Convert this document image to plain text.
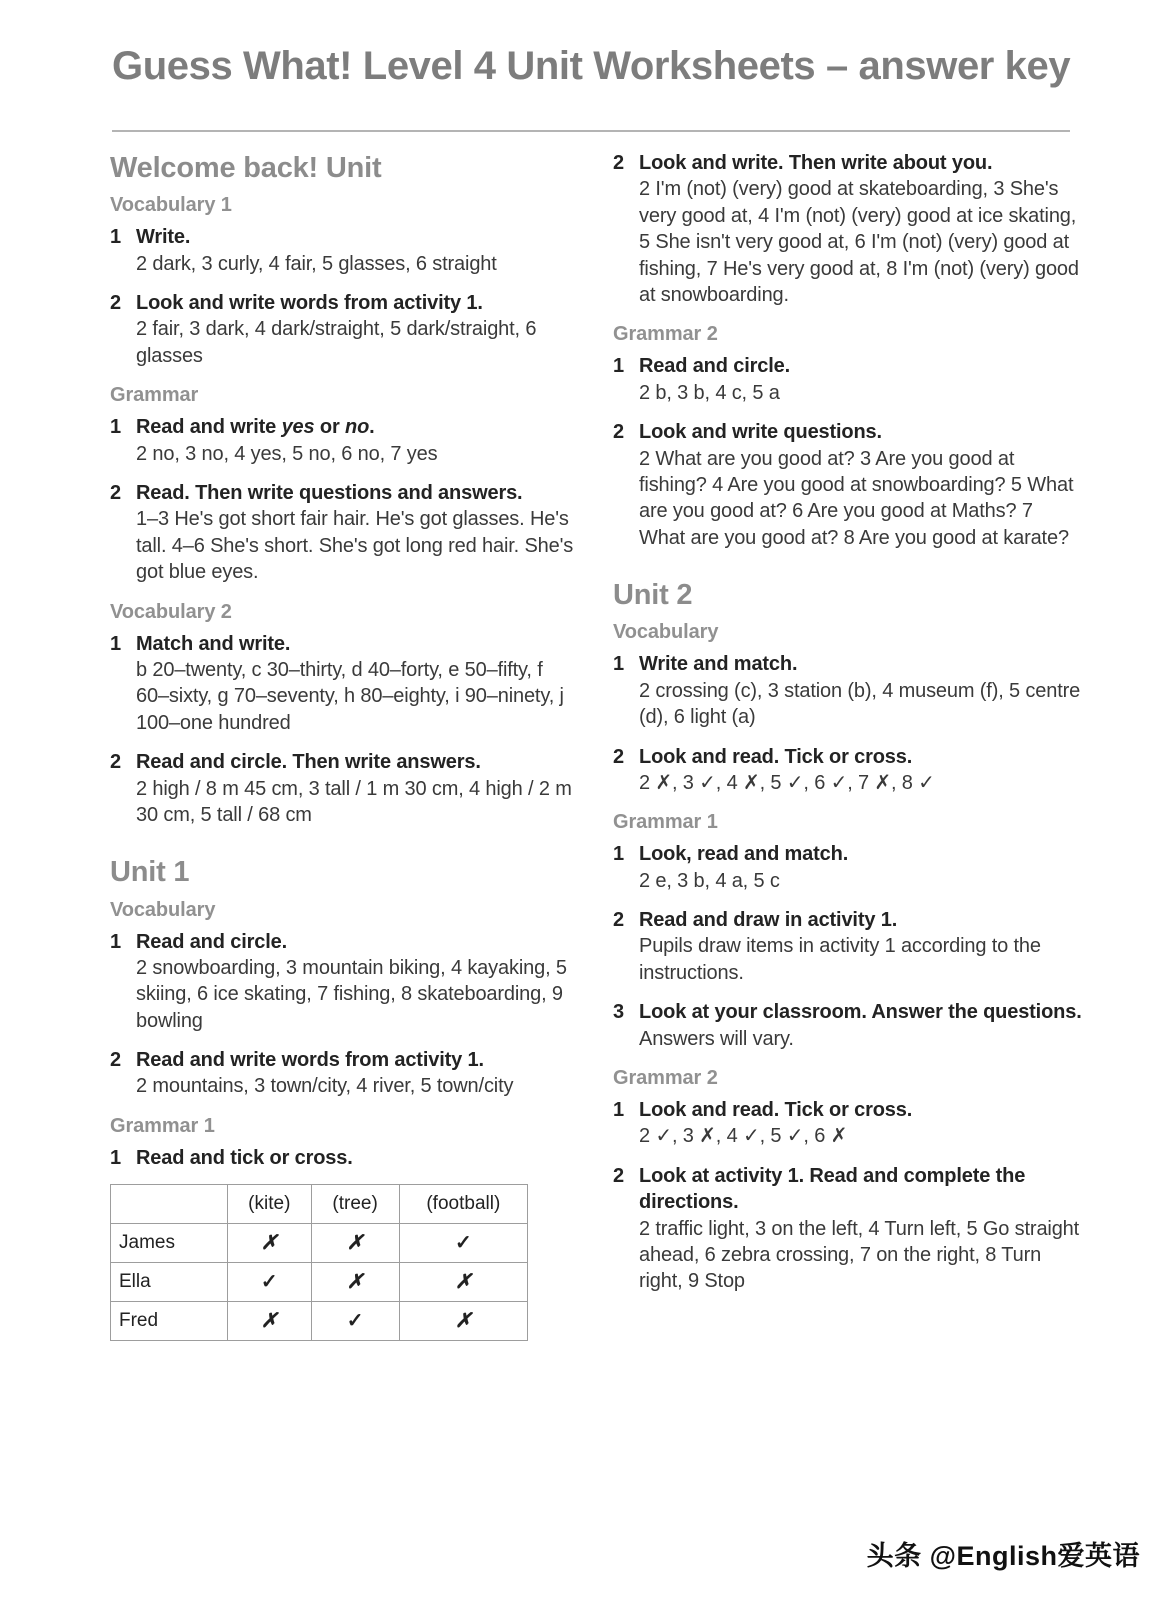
Guess What! Level 4 Unit Worksheets – answer key
Welcome back! Unit
Vocabulary 1
1 Write.
2 dark, 3 curly, 4 fair, 5 glasses, 6 straight
2 Look and write words from activity 1.
2 fair, 3 dark, 4 dark/straight, 5 dark/straight, 6 glasses
Grammar
1 Read and write yes or no.
2 no, 3 no, 4 yes, 5 no, 6 no, 7 yes
2 Read. Then write questions and answers.
1–3 He's got short fair hair. He's got glasses. He's tall. 4–6 She's short. She's got long red hair. She's got blue eyes.
Vocabulary 2
1 Match and write.
b 20–twenty, c 30–thirty, d 40–forty, e 50–fifty, f 60–sixty, g 70–seventy, h 80–eighty, i 90–ninety, j 100–one hundred
2 Read and circle. Then write answers.
2 high / 8 m 45 cm, 3 tall / 1 m 30 cm, 4 high / 2 m 30 cm, 5 tall / 68 cm
Unit 1
Vocabulary
1 Read and circle.
2 snowboarding, 3 mountain biking, 4 kayaking, 5 skiing, 6 ice skating, 7 fishing, 8 skateboarding, 9 bowling
2 Read and write words from activity 1.
2 mountains, 3 town/city, 4 river, 5 town/city
Grammar 1
1 Read and tick or cross.
	(kite)	(tree)	(football)
James	✗	✗	✓
Ella	✓	✗	✗
Fred	✗	✓	✗
2 Look and write. Then write about you.
2 I'm (not) (very) good at skateboarding, 3 She's very good at, 4 I'm (not) (very) good at ice skating, 5 She isn't very good at, 6 I'm (not) (very) good at fishing, 7 He's very good at, 8 I'm (not) (very) good at snowboarding.
Grammar 2
1 Read and circle.
2 b, 3 b, 4 c, 5 a
2 Look and write questions.
2 What are you good at? 3 Are you good at fishing? 4 Are you good at snowboarding? 5 What are you good at? 6 Are you good at Maths? 7 What are you good at? 8 Are you good at karate?
Unit 2
Vocabulary
1 Write and match.
2 crossing (c), 3 station (b), 4 museum (f), 5 centre (d), 6 light (a)
2 Look and read. Tick or cross.
2 ✗, 3 ✓, 4 ✗, 5 ✓, 6 ✓, 7 ✗, 8 ✓
Grammar 1
1 Look, read and match.
2 e, 3 b, 4 a, 5 c
2 Read and draw in activity 1.
Pupils draw items in activity 1 according to the instructions.
3 Look at your classroom. Answer the questions.
Answers will vary.
Grammar 2
1 Look and read. Tick or cross.
2 ✓, 3 ✗, 4 ✓, 5 ✓, 6 ✗
2 Look at activity 1. Read and complete the directions.
2 traffic light, 3 on the left, 4 Turn left, 5 Go straight ahead, 6 zebra crossing, 7 on the right, 8 Turn right, 9 Stop
头条 @English爱英语
